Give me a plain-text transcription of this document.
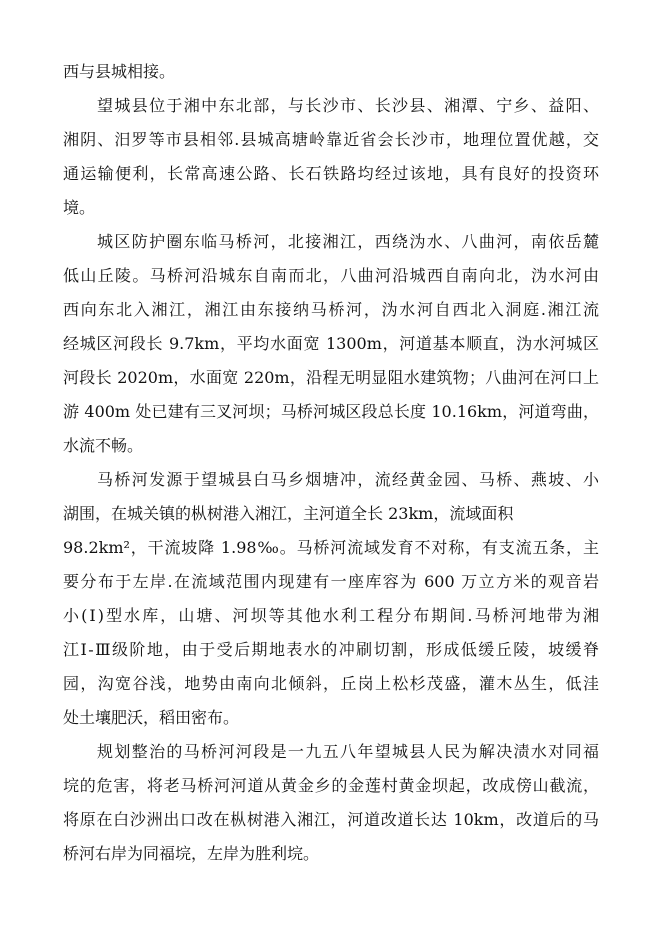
西与县城相接。
望城县位于湘中东北部，与长沙市、长沙县、湘潭、宁乡、益阳、
湘阴、汨罗等市县相邻.县城高塘岭靠近省会长沙市，地理位置优越，交
通运输便利，长常高速公路、长石铁路均经过该地，具有良好的投资环
境。
城区防护圈东临马桥河，北接湘江，西绕沩水、八曲河，南依岳麓
低山丘陵。马桥河沿城东自南而北，八曲河沿城西自南向北，沩水河由
西向东北入湘江，湘江由东接纳马桥河，沩水河自西北入洞庭.湘江流
经城区河段长 9.7km，平均水面宽 1300m，河道基本顺直，沩水河城区
河段长 2020m，水面宽 220m，沿程无明显阻水建筑物；八曲河在河口上
游 400m 处已建有三叉河坝；马桥河城区段总长度 10.16km，河道弯曲，
水流不畅。
马桥河发源于望城县白马乡烟塘冲，流经黄金园、马桥、燕坡、小
湖围，在城关镇的枞树港入湘江，主河道全长 23km，流域面积
98.2km²，干流坡降 1.98‰。马桥河流域发育不对称，有支流五条，主
要分布于左岸.在流域范围内现建有一座库容为 600 万立方米的观音岩
小(Ⅰ)型水库，山塘、河坝等其他水利工程分布期间.马桥河地带为湘
江Ⅰ-Ⅲ级阶地，由于受后期地表水的冲刷切割，形成低缓丘陵，坡缓脊
园，沟宽谷浅，地势由南向北倾斜，丘岗上松杉茂盛，灌木丛生，低洼
处土壤肥沃，稻田密布。
规划整治的马桥河河段是一九五八年望城县人民为解决渍水对同福
垸的危害，将老马桥河河道从黄金乡的金莲村黄金坝起，改成傍山截流，
将原在白沙洲出口改在枞树港入湘江，河道改道长达 10km，改道后的马
桥河右岸为同福垸，左岸为胜利垸。
